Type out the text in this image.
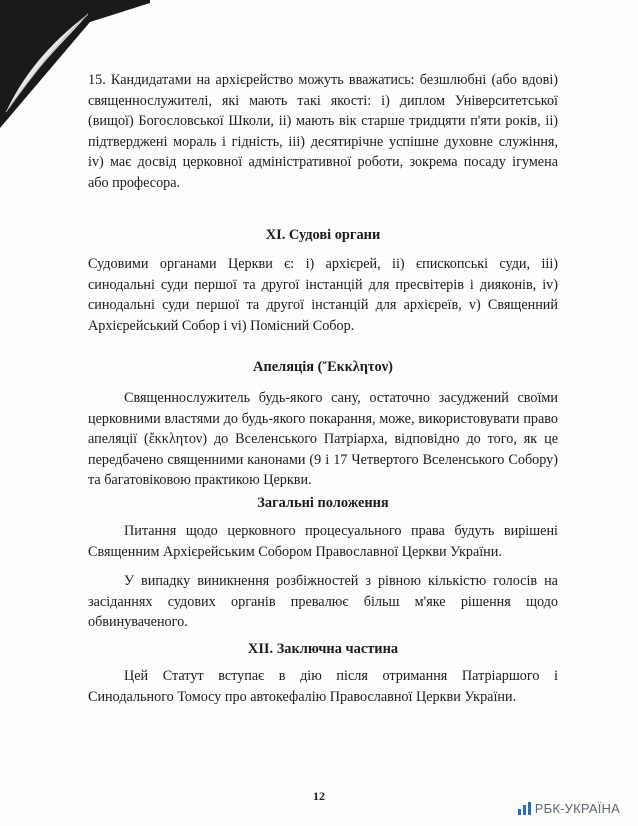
15. Кандидатами на архієрейство можуть вважатись: безшлюбні (або вдові) священнослужителі, які мають такі якості: і) диплом Університетської (вищої) Богословської Школи, іі) мають вік старше тридцяти п'яти років, ii) підтверджені мораль і гідність, ііі) десятирічне успішне духовне служіння, iv) має досвід церковної адміністративної роботи, зокрема посаду ігумена або професора.

XI. Судові органи

Судовими органами Церкви є: і) архієрей, іі) єпископські суди, ііі) синодальні суди першої та другої інстанцій для пресвітерів і дияконів, iv) синодальні суди першої та другої інстанцій для архієреїв, v) Священний Архієрейський Собор і vi) Помісний Собор.

Апеляція (Ἔκκλητον)

Священнослужитель будь-якого сану, остаточно засуджений своїми церковними властями до будь-якого покарання, може, використовувати право апеляції (ἔκκλητον) до Вселенського Патріарха, відповідно до того, як це передбачено священними канонами (9 і 17 Четвертого Вселенського Собору) та багатовіковою практикою Церкви.

Загальні положення

Питання щодо церковного процесуального права будуть вирішені Священним Архієрейським Собором Православної Церкви України.

У випадку виникнення розбіжностей з рівною кількістю голосів на засіданнях судових органів превалює більш м'яке рішення щодо обвинуваченого.

XII. Заключна частина

Цей Статут вступає в дію після отримання Патріаршого і Синодального Томосу про автокефалію Православної Церкви України.

12
РБК-УКРАЇНА
